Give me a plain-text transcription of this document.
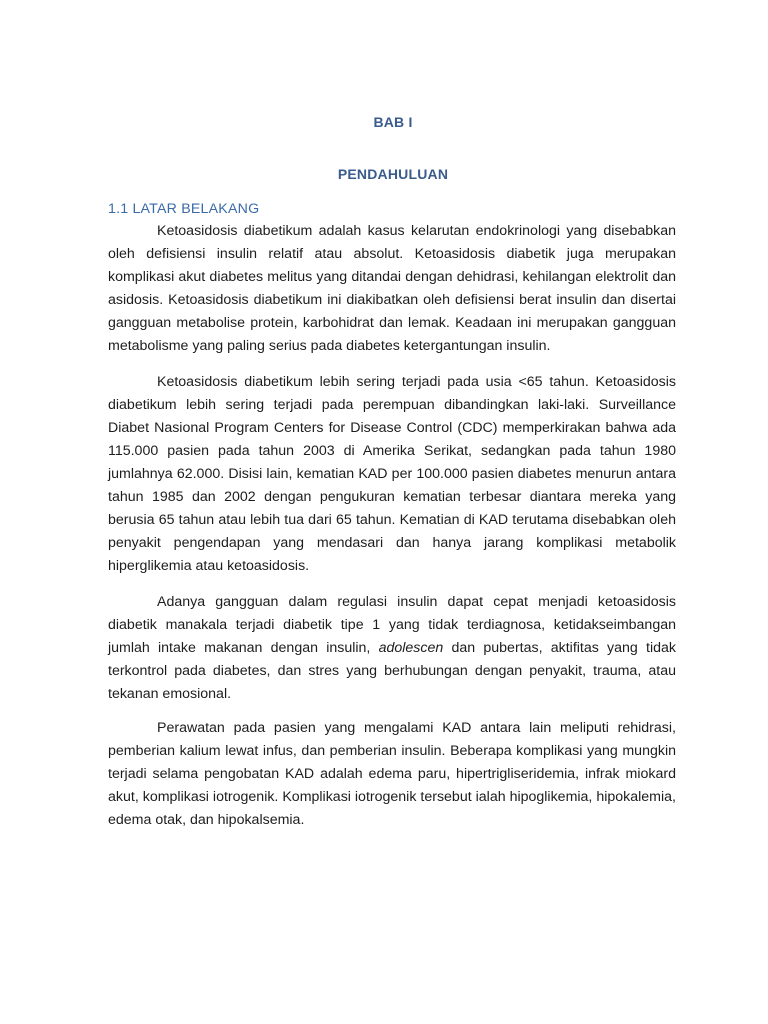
BAB I
PENDAHULUAN
1.1 LATAR BELAKANG

Ketoasidosis diabetikum adalah kasus kelarutan endokrinologi yang disebabkan oleh defisiensi insulin relatif atau absolut. Ketoasidosis diabetik juga merupakan komplikasi akut diabetes melitus yang ditandai dengan dehidrasi, kehilangan elektrolit dan asidosis. Ketoasidosis diabetikum ini diakibatkan oleh defisiensi berat insulin dan disertai gangguan metabolise protein, karbohidrat dan lemak. Keadaan ini merupakan gangguan metabolisme yang paling serius pada diabetes ketergantungan insulin.

Ketoasidosis diabetikum lebih sering terjadi pada usia <65 tahun. Ketoasidosis diabetikum lebih sering terjadi pada perempuan dibandingkan laki-laki. Surveillance Diabet Nasional Program Centers for Disease Control (CDC) memperkirakan bahwa ada 115.000 pasien pada tahun 2003 di Amerika Serikat, sedangkan pada tahun 1980 jumlahnya 62.000. Disisi lain, kematian KAD per 100.000 pasien diabetes menurun antara tahun 1985 dan 2002 dengan pengukuran kematian terbesar diantara mereka yang berusia 65 tahun atau lebih tua dari 65 tahun. Kematian di KAD terutama disebabkan oleh penyakit pengendapan yang mendasari dan hanya jarang komplikasi metabolik hiperglikemia atau ketoasidosis.

Adanya gangguan dalam regulasi insulin dapat cepat menjadi ketoasidosis diabetik manakala terjadi diabetik tipe 1 yang tidak terdiagnosa, ketidakseimbangan jumlah intake makanan dengan insulin, adolescen dan pubertas, aktifitas yang tidak terkontrol pada diabetes, dan stres yang berhubungan dengan penyakit, trauma, atau tekanan emosional.

Perawatan pada pasien yang mengalami KAD antara lain meliputi rehidrasi, pemberian kalium lewat infus, dan pemberian insulin. Beberapa komplikasi yang mungkin terjadi selama pengobatan KAD adalah edema paru, hipertrigliseridemia, infrak miokard akut, komplikasi iotrogenik. Komplikasi iotrogenik tersebut ialah hipoglikemia, hipokalemia, edema otak, dan hipokalsemia.
